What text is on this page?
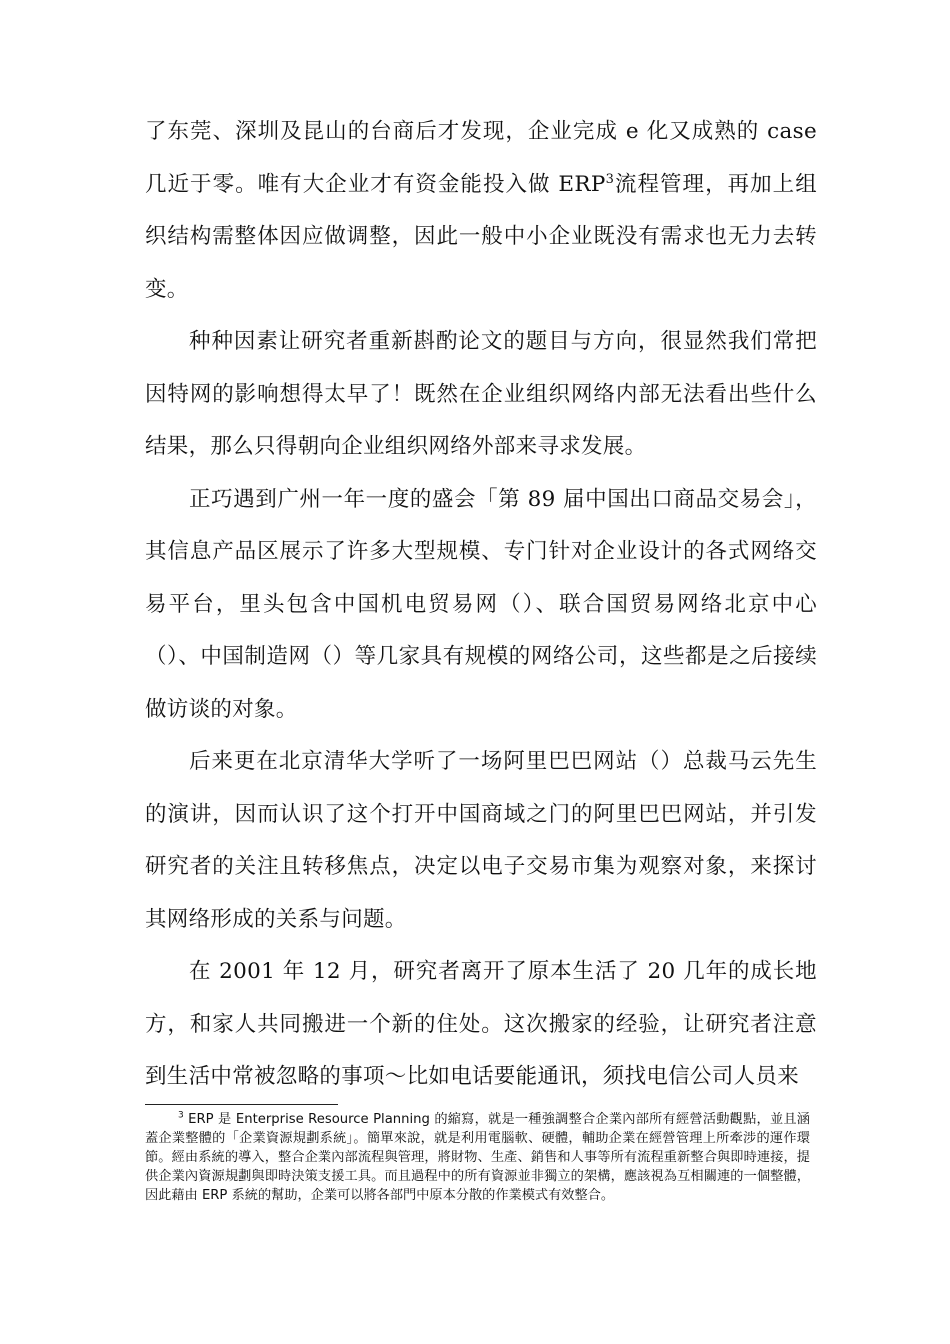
了东莞、深圳及昆山的台商后才发现，企业完成 e 化又成熟的 case 几近于零。唯有大企业才有资金能投入做 ERP$^3$流程管理，再加上组织结构需整体因应做调整，因此一般中小企业既没有需求也无力去转变。

种种因素让研究者重新斟酌论文的题目与方向，很显然我们常把因特网的影响想得太早了！既然在企业组织网络内部无法看出些什么结果，那么只得朝向企业组织网络外部来寻求发展。

正巧遇到广州一年一度的盛会「第 89 届中国出口商品交易会」，其信息产品区展示了许多大型规模、专门针对企业设计的各式网络交易平台，里头包含中国机电贸易网（）、联合国贸易网络北京中心（）、中国制造网（）等几家具有规模的网络公司，这些都是之后接续做访谈的对象。

后来更在北京清华大学听了一场阿里巴巴网站（）总裁马云先生的演讲，因而认识了这个打开中国商域之门的阿里巴巴网站，并引发研究者的关注且转移焦点，决定以电子交易市集为观察对象，来探讨其网络形成的关系与问题。

在 2001 年 12 月，研究者离开了原本生活了 20 几年的成长地方，和家人共同搬进一个新的住处。这次搬家的经验，让研究者注意到生活中常被忽略的事项～比如电话要能通讯，须找电信公司人员来

$^3$ ERP 是 Enterprise Resource Planning 的縮寫，就是一種強調整合企業內部所有經營活動觀點，並且涵蓋企業整體的「企業資源規劃系統」。簡單來說，就是利用電腦軟、硬體，輔助企業在經營管理上所牽涉的運作環節。經由系統的導入，整合企業內部流程與管理，將財物、生產、銷售和人事等所有流程重新整合與即時連接，提供企業內資源規劃與即時決策支援工具。而且過程中的所有資源並非獨立的架構，應該視為互相關連的一個整體，因此藉由 ERP 系統的幫助，企業可以將各部門中原本分散的作業模式有效整合。
